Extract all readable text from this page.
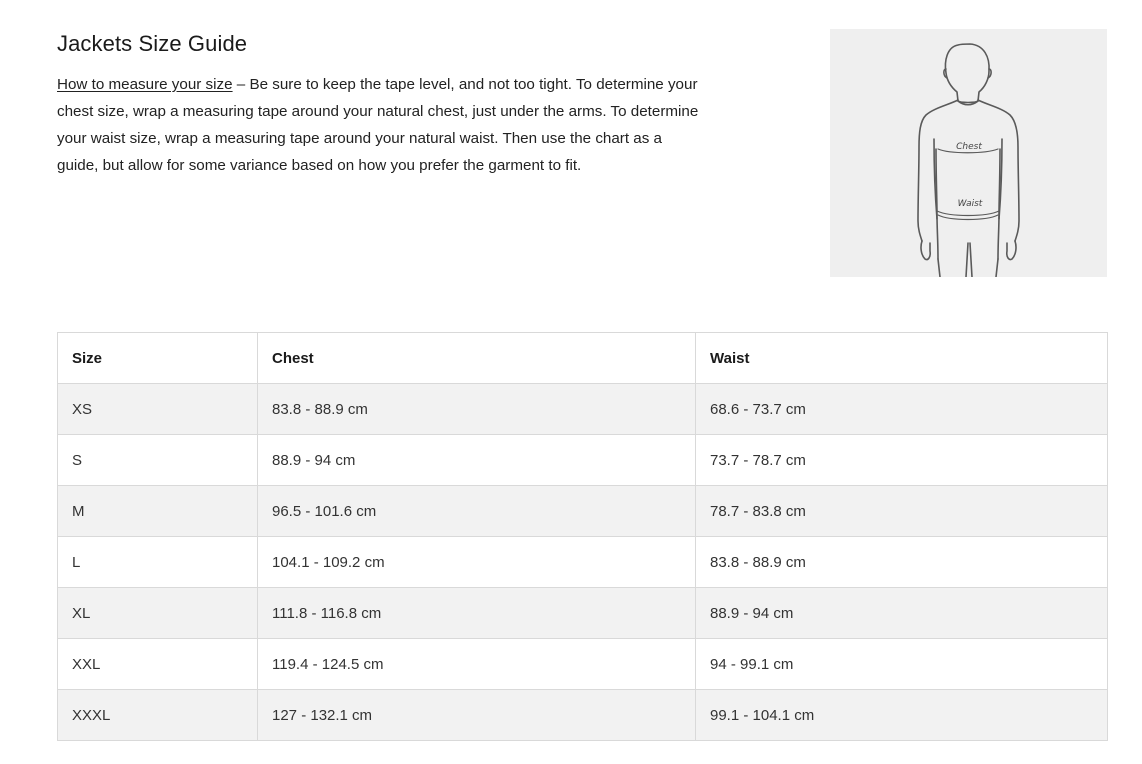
Jackets Size Guide

How to measure your size – Be sure to keep the tape level, and not too tight. To determine your chest size, wrap a measuring tape around your natural chest, just under the arms. To determine your waist size, wrap a measuring tape around your natural waist. Then use the chart as a guide, but allow for some variance based on how you prefer the garment to fit.

Chest
Waist
Size	Chest	Waist
XS	83.8 - 88.9 cm	68.6 - 73.7 cm
S	88.9 - 94 cm	73.7 - 78.7 cm
M	96.5 - 101.6 cm	78.7 - 83.8 cm
L	104.1 - 109.2 cm	83.8 - 88.9 cm
XL	111.8 - 116.8 cm	88.9 - 94 cm
XXL	119.4 - 124.5 cm	94 - 99.1 cm
XXXL	127 - 132.1 cm	99.1 - 104.1 cm
